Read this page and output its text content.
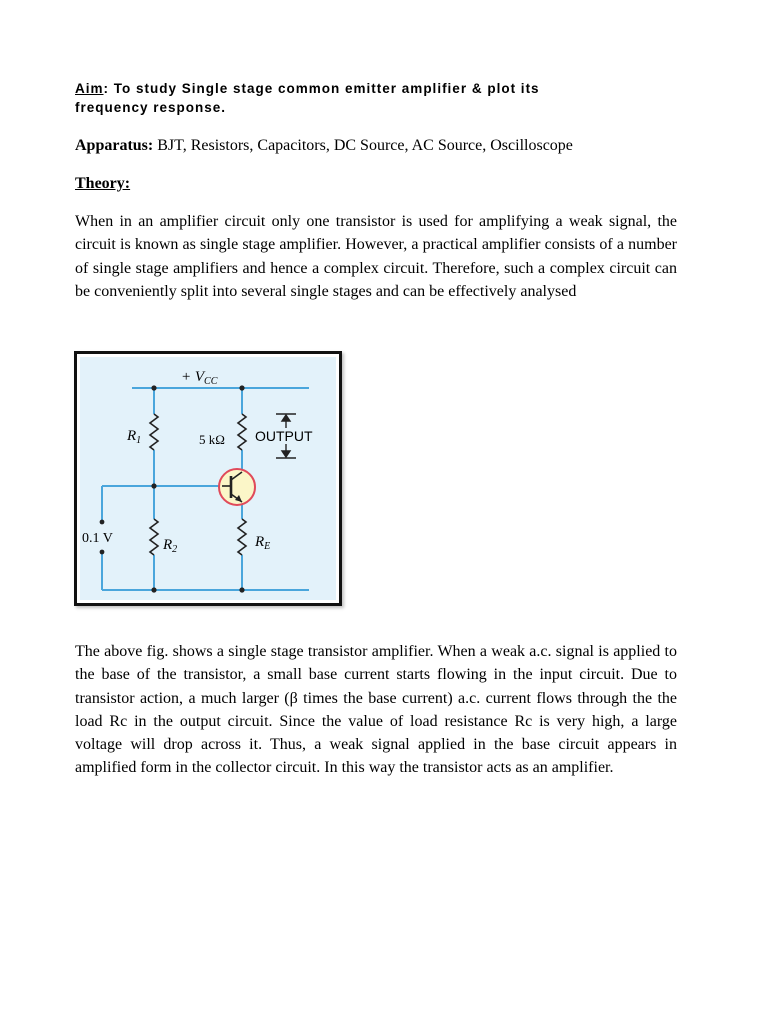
Aim: To study Single stage common emitter amplifier & plot its frequency response.
Apparatus: BJT, Resistors, Capacitors, DC Source, AC Source, Oscilloscope
Theory:
When in an amplifier circuit only one transistor is used for amplifying a weak signal, the circuit is known as single stage amplifier. However, a practical amplifier consists of a number of single stage amplifiers and hence a complex circuit. Therefore, such a complex circuit can be conveniently split into several single stages and can be effectively analysed
+ $V_{CC}$
$R_1$	5 kΩ OUTPUT
0.1 V	$R_2$	$R_E$
The above fig. shows a single stage transistor amplifier. When a weak a.c. signal is applied to the base of the transistor, a small base current starts flowing in the input circuit. Due to transistor action, a much larger (β times the base current) a.c. current flows through the the load Rc in the output circuit. Since the value of load resistance Rc is very high, a large voltage will drop across it. Thus, a weak signal applied in the base circuit appears in amplified form in the collector circuit. In this way the transistor acts as an amplifier.
